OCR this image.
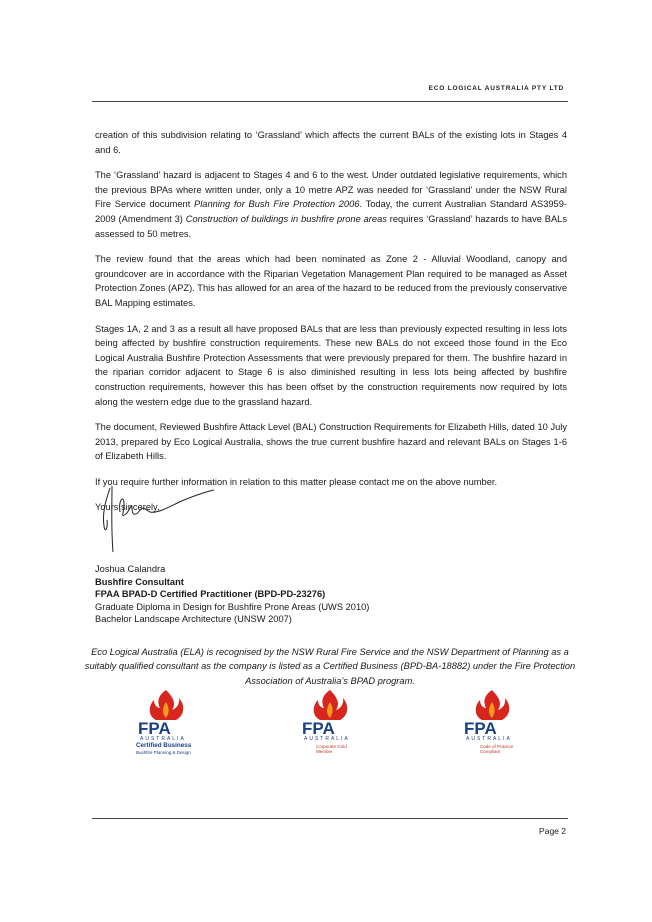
ECO LOGICAL AUSTRALIA PTY LTD

creation of this subdivision relating to ‘Grassland’ which affects the current BALs of the existing lots in Stages 4 and 6.

The ‘Grassland’ hazard is adjacent to Stages 4 and 6 to the west. Under outdated legislative requirements, which the previous BPAs where written under, only a 10 metre APZ was needed for ‘Grassland’ under the NSW Rural Fire Service document Planning for Bush Fire Protection 2006. Today, the current Australian Standard AS3959-2009 (Amendment 3) Construction of buildings in bushfire prone areas requires ‘Grassland’ hazards to have BALs assessed to 50 metres.

The review found that the areas which had been nominated as Zone 2 - Alluvial Woodland, canopy and groundcover are in accordance with the Riparian Vegetation Management Plan required to be managed as Asset Protection Zones (APZ). This has allowed for an area of the hazard to be reduced from the previously conservative BAL Mapping estimates.

Stages 1A, 2 and 3 as a result all have proposed BALs that are less than previously expected resulting in less lots being affected by bushfire construction requirements. These new BALs do not exceed those found in the Eco Logical Australia Bushfire Protection Assessments that were previously prepared for them. The bushfire hazard in the riparian corridor adjacent to Stage 6 is also diminished resulting in less lots being affected by bushfire construction requirements, however this has been offset by the construction requirements now required by lots along the western edge due to the grassland hazard.

The document, Reviewed Bushfire Attack Level (BAL) Construction Requirements for Elizabeth Hills, dated 10 July 2013, prepared by Eco Logical Australia, shows the true current bushfire hazard and relevant BALs on Stages 1-6 of Elizabeth Hills.

If you require further information in relation to this matter please contact me on the above number.

Yours sincerely,

Joshua Calandra
Bushfire Consultant
FPAA BPAD-D Certified Practitioner (BPD-PD-23276)
Graduate Diploma in Design for Bushfire Prone Areas (UWS 2010)
Bachelor Landscape Architecture (UNSW 2007)
Eco Logical Australia (ELA) is recognised by the NSW Rural Fire Service and the NSW Department of Planning as a suitably qualified consultant as the company is listed as a Certified Business (BPD-BA-18882) under the Fire Protection Association of Australia’s BPAD program.
FPA
AUSTRALIA
Certified Business
Bushfire Planning & Design
FPA
AUSTRALIA
Corporate Gold
Member
FPA
AUSTRALIA
Code of Practice
Compliant
Page 2
